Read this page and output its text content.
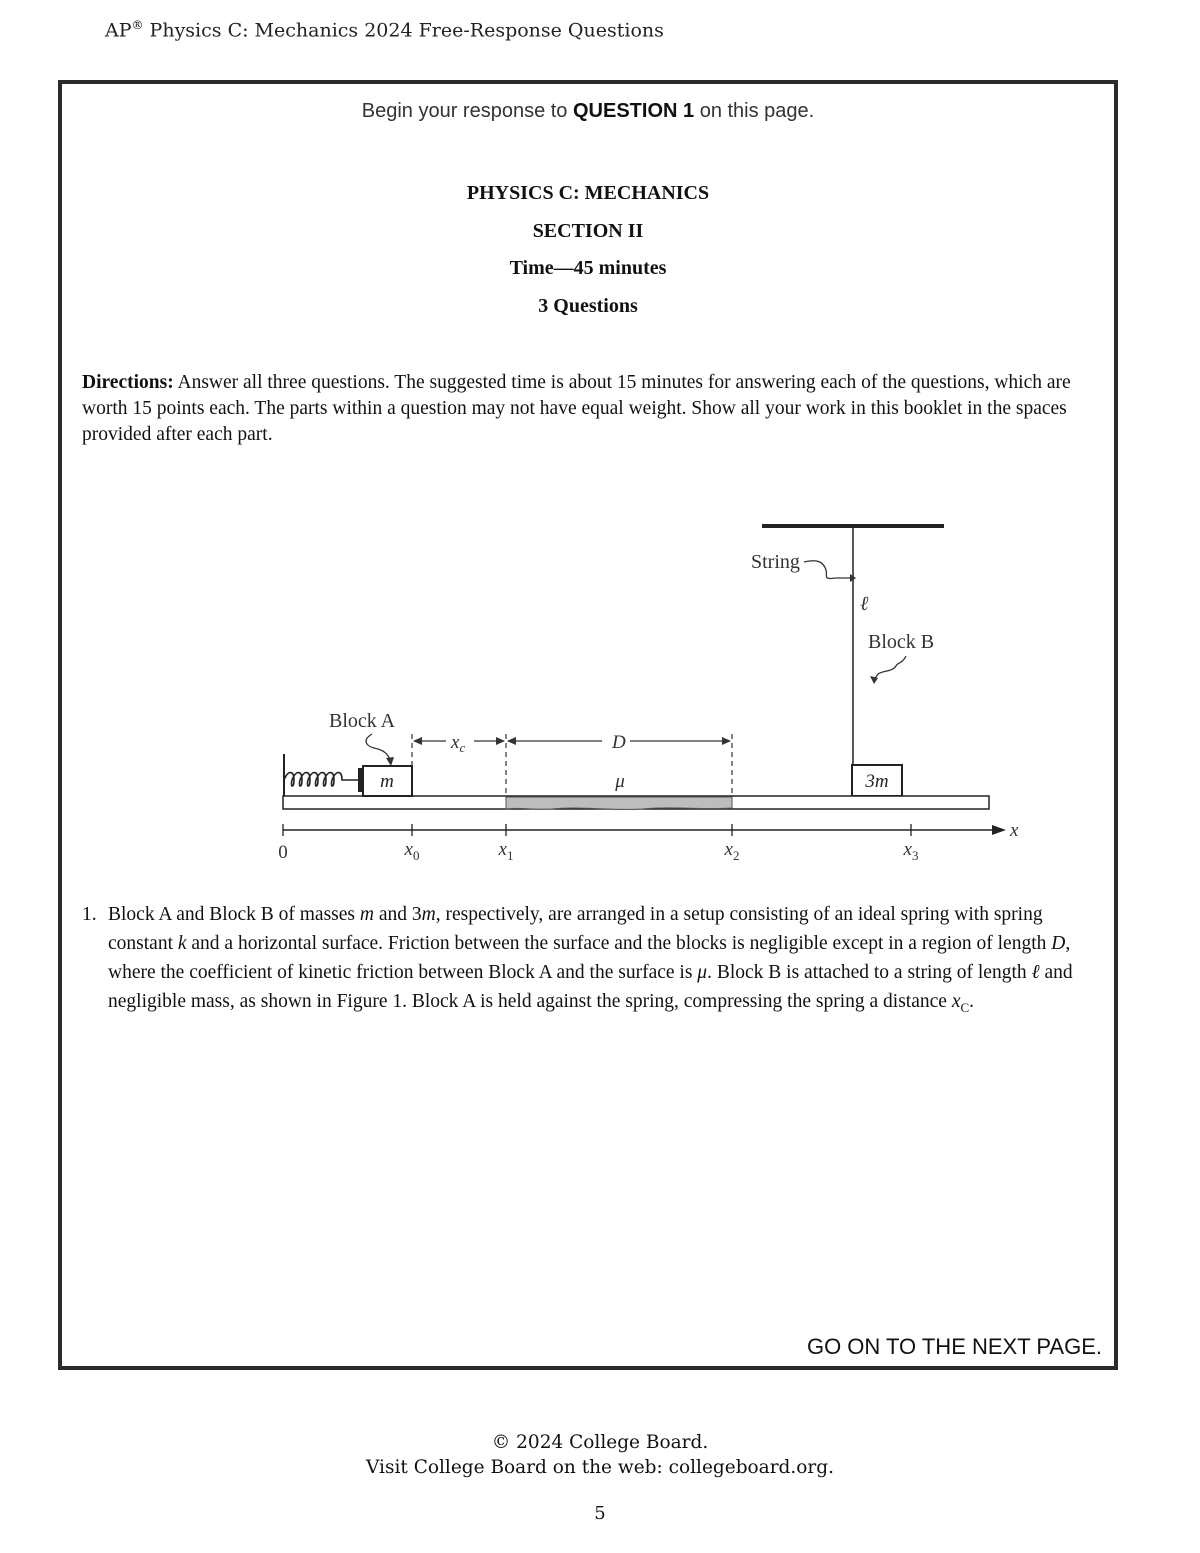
AP® Physics C: Mechanics 2024 Free-Response Questions
Begin your response to QUESTION 1 on this page.
PHYSICS C: MECHANICS
SECTION II
Time—45 minutes
3 Questions
Directions: Answer all three questions. The suggested time is about 15 minutes for answering each of the questions, which are worth 15 points each. The parts within a question may not have equal weight. Show all your work in this booklet in the spaces provided after each part.
String
ℓ
Block B
3m
Block A
m
$x_c$	D
μ
x
0	$x_0$	$x_1$	$x_2$	$x_3$
1. Block A and Block B of masses m and 3m, respectively, are arranged in a setup consisting of an ideal spring with spring constant k and a horizontal surface. Friction between the surface and the blocks is negligible except in a region of length D, where the coefficient of kinetic friction between Block A and the surface is μ. Block B is attached to a string of length ℓ and negligible mass, as shown in Figure 1. Block A is held against the spring, compressing the spring a distance $x_C$.
GO ON TO THE NEXT PAGE.
© 2024 College Board.
Visit College Board on the web: collegeboard.org.
5
